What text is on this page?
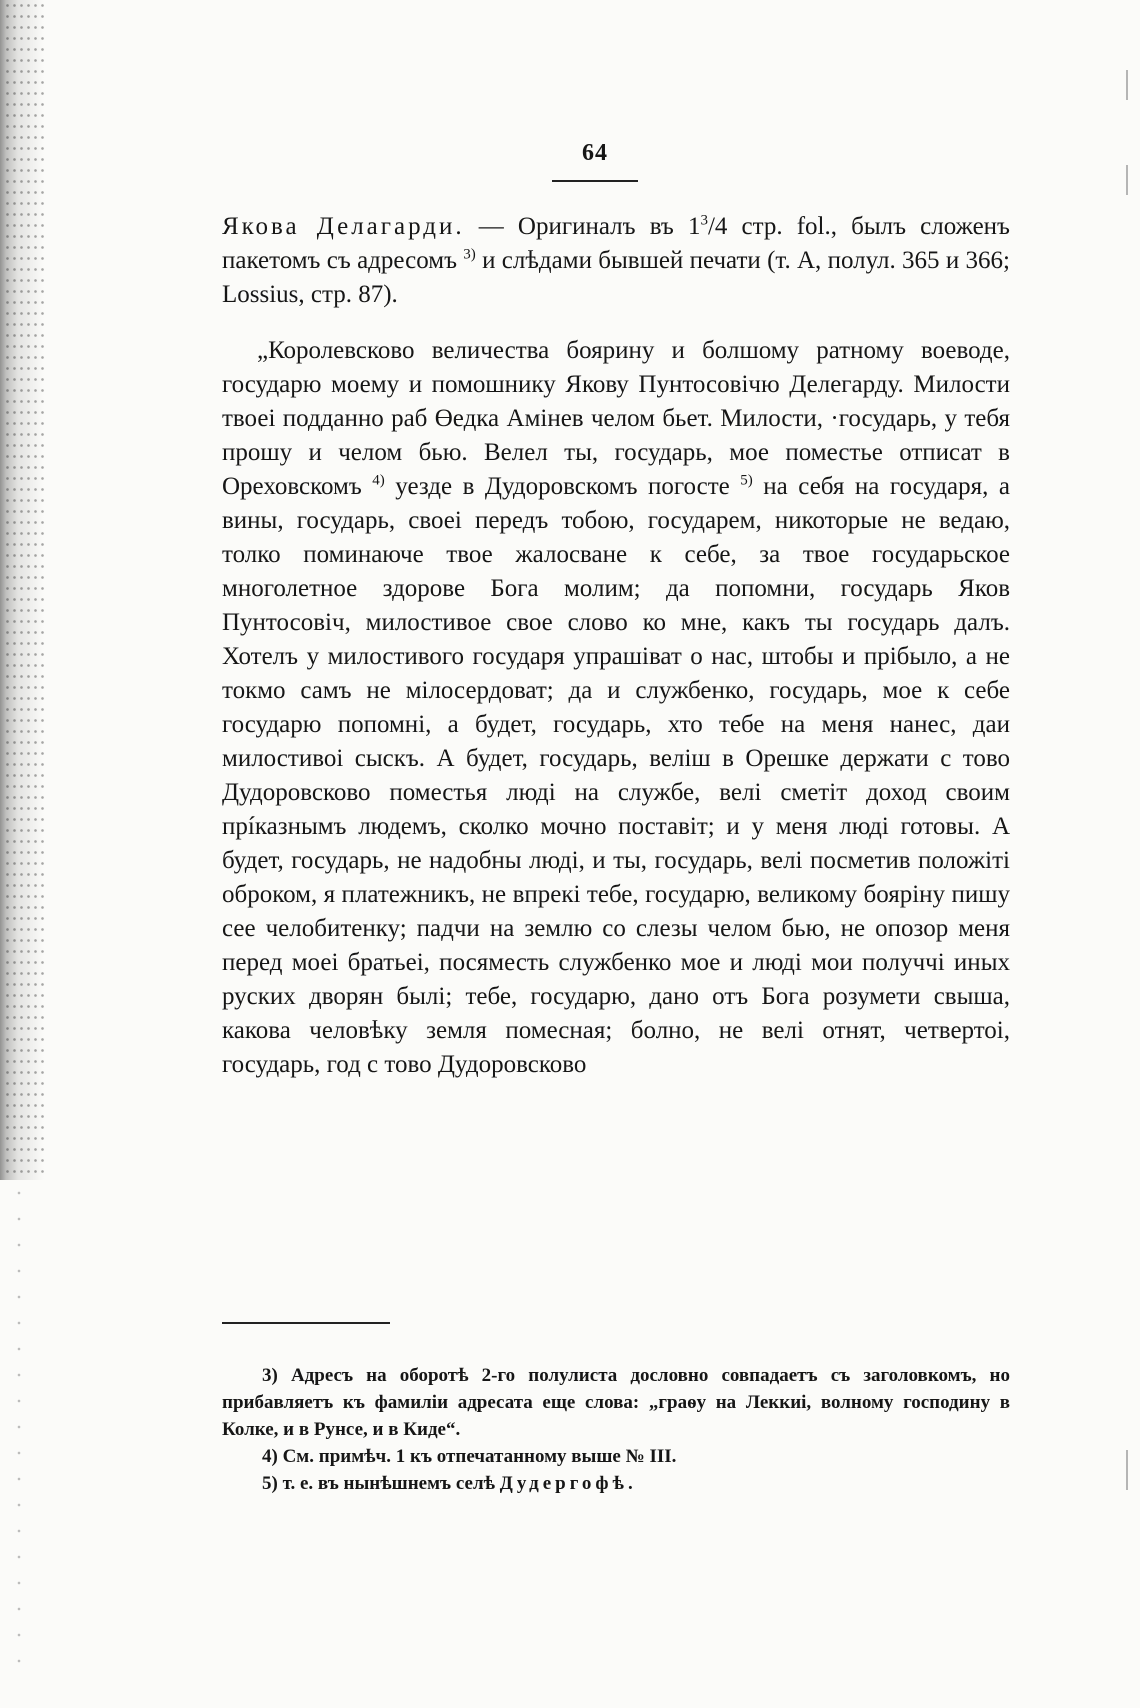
64

Якова Делагарди. — Оригиналъ въ $1^3/4$ стр. fol., былъ сложенъ пакетомъ съ адресомъ $^{3)}$ и слѣдами бывшей печати (т. А, полул. 365 и 366; Lossius, стр. 87).

„Королевсково величества боярину и болшому ратному воеводе, государю моему и помошнику Якову Пунтосовічю Делегарду. Милости твоеі подданно раб Өедка Амінев челом бьет. Милости, ·государь, у тебя прошу и челом бью. Велел ты, государь, мое поместье отписат в Ореховскомъ $^{4)}$ уезде в Дудоровскомъ погосте $^{5)}$ на себя на государя, а вины, государь, своеі передъ тобою, государем, никоторые не ведаю, толко поминаюче твое жалоcване к себе, за твое государьское многолетное здорове Бога молим; да попомни, государь Яков Пунтосовіч, милостивое свое слово ко мне, какъ ты государь далъ. Хотелъ у милостивого государя упрашіват о нас, штобы и прібыло, а не токмо самъ не мілосердоват; да и службенко, государь, мое к себе государю попомні, а будет, государь, хто тебе на меня нанес, даи милостивоі сыскъ. А будет, государь, веліш в Орешке держати с тово Дудоровсково поместья люді на службе, велі сметіт доход своим прíказнымъ людемъ, сколко мочно поставіт; и у меня люді готовы. А будет, государь, не надобны люді, и ты, государь, велі посметив положіті оброком, я платежникъ, не впрекі тебе, государю, великому бояріну пишу сее челобитенку; падчи на землю со слезы челом бью, не опозор меня перед моеі братьеі, посяместь службенко мое и люді мои получчі иных руских дворян былі; тебе, государю, дано отъ Бога розумети свыша, какова человѣку земля помесная; болно, не велі отнят, четвертоі, государь, год с тово Дудоровсково

3) Адресъ на оборотѣ 2-го полулиста дословно совпадаетъ съ заголовкомъ, но прибавляетъ къ фамиліи адресата еще слова: „граѳу на Леккиі, волному господину в Колке, и в Рунсе, и в Киде“.

4) См. примѣч. 1 къ отпечатанному выше № III.

5) т. е. въ нынѣшнемъ селѣ Дудергофѣ.
